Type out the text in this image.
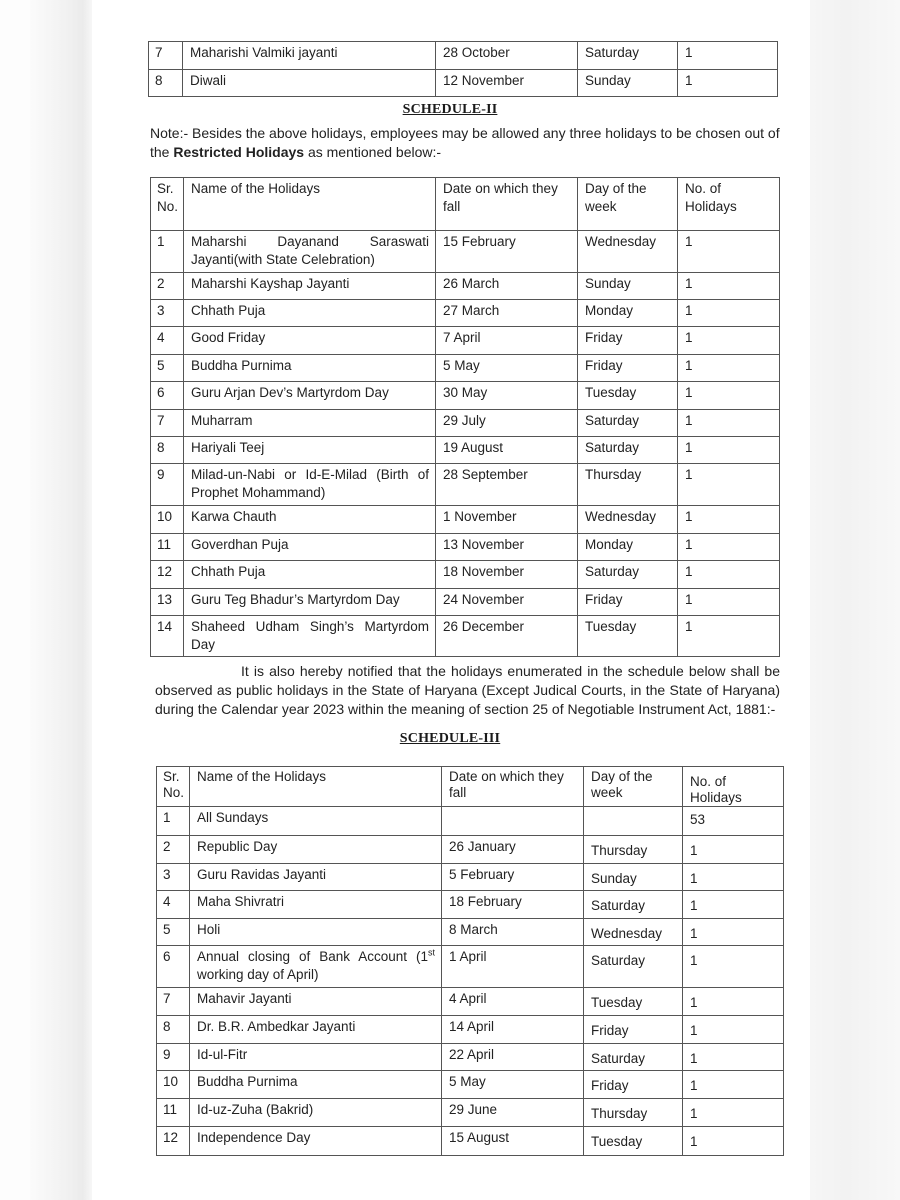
7	Maharishi Valmiki jayanti	28 October	Saturday	1
8	Diwali	12 November	Sunday	1
SCHEDULE-II
Note:- Besides the above holidays, employees may be allowed any three holidays to be chosen out of the Restricted Holidays as mentioned below:-
Sr. No.	Name of the Holidays	Date on which they fall	Day of the week	No. of Holidays
1	Maharshi Dayanand Saraswati Jayanti(with State Celebration)	15 February	Wednesday	1
2	Maharshi Kayshap Jayanti	26 March	Sunday	1
3	Chhath Puja	27 March	Monday	1
4	Good Friday	7 April	Friday	1
5	Buddha Purnima	5 May	Friday	1
6	Guru Arjan Dev’s Martyrdom Day	30 May	Tuesday	1
7	Muharram	29 July	Saturday	1
8	Hariyali Teej	19 August	Saturday	1
9	Milad-un-Nabi or Id-E-Milad (Birth of Prophet Mohammand)	28 September	Thursday	1
10	Karwa Chauth	1 November	Wednesday	1
11	Goverdhan Puja	13 November	Monday	1
12	Chhath Puja	18 November	Saturday	1
13	Guru Teg Bhadur’s Martyrdom Day	24 November	Friday	1
14	Shaheed Udham Singh’s Martyrdom Day	26 December	Tuesday	1
It is also hereby notified that the holidays enumerated in the schedule below shall be observed as public holidays in the State of Haryana (Except Judical Courts, in the State of Haryana) during the Calendar year 2023 within the meaning of section 25 of Negotiable Instrument Act, 1881:-
SCHEDULE-III
Sr. No.	Name of the Holidays	Date on which they fall	Day of the week	No. of Holidays
1	All Sundays			53
2	Republic Day	26 January	Thursday	1
3	Guru Ravidas Jayanti	5 February	Sunday	1
4	Maha Shivratri	18 February	Saturday	1
5	Holi	8 March	Wednesday	1
6	Annual closing of Bank Account (1st working day of April)	1 April	Saturday	1
7	Mahavir Jayanti	4 April	Tuesday	1
8	Dr. B.R. Ambedkar Jayanti	14 April	Friday	1
9	Id-ul-Fitr	22 April	Saturday	1
10	Buddha Purnima	5 May	Friday	1
11	Id-uz-Zuha (Bakrid)	29 June	Thursday	1
12	Independence Day	15 August	Tuesday	1
